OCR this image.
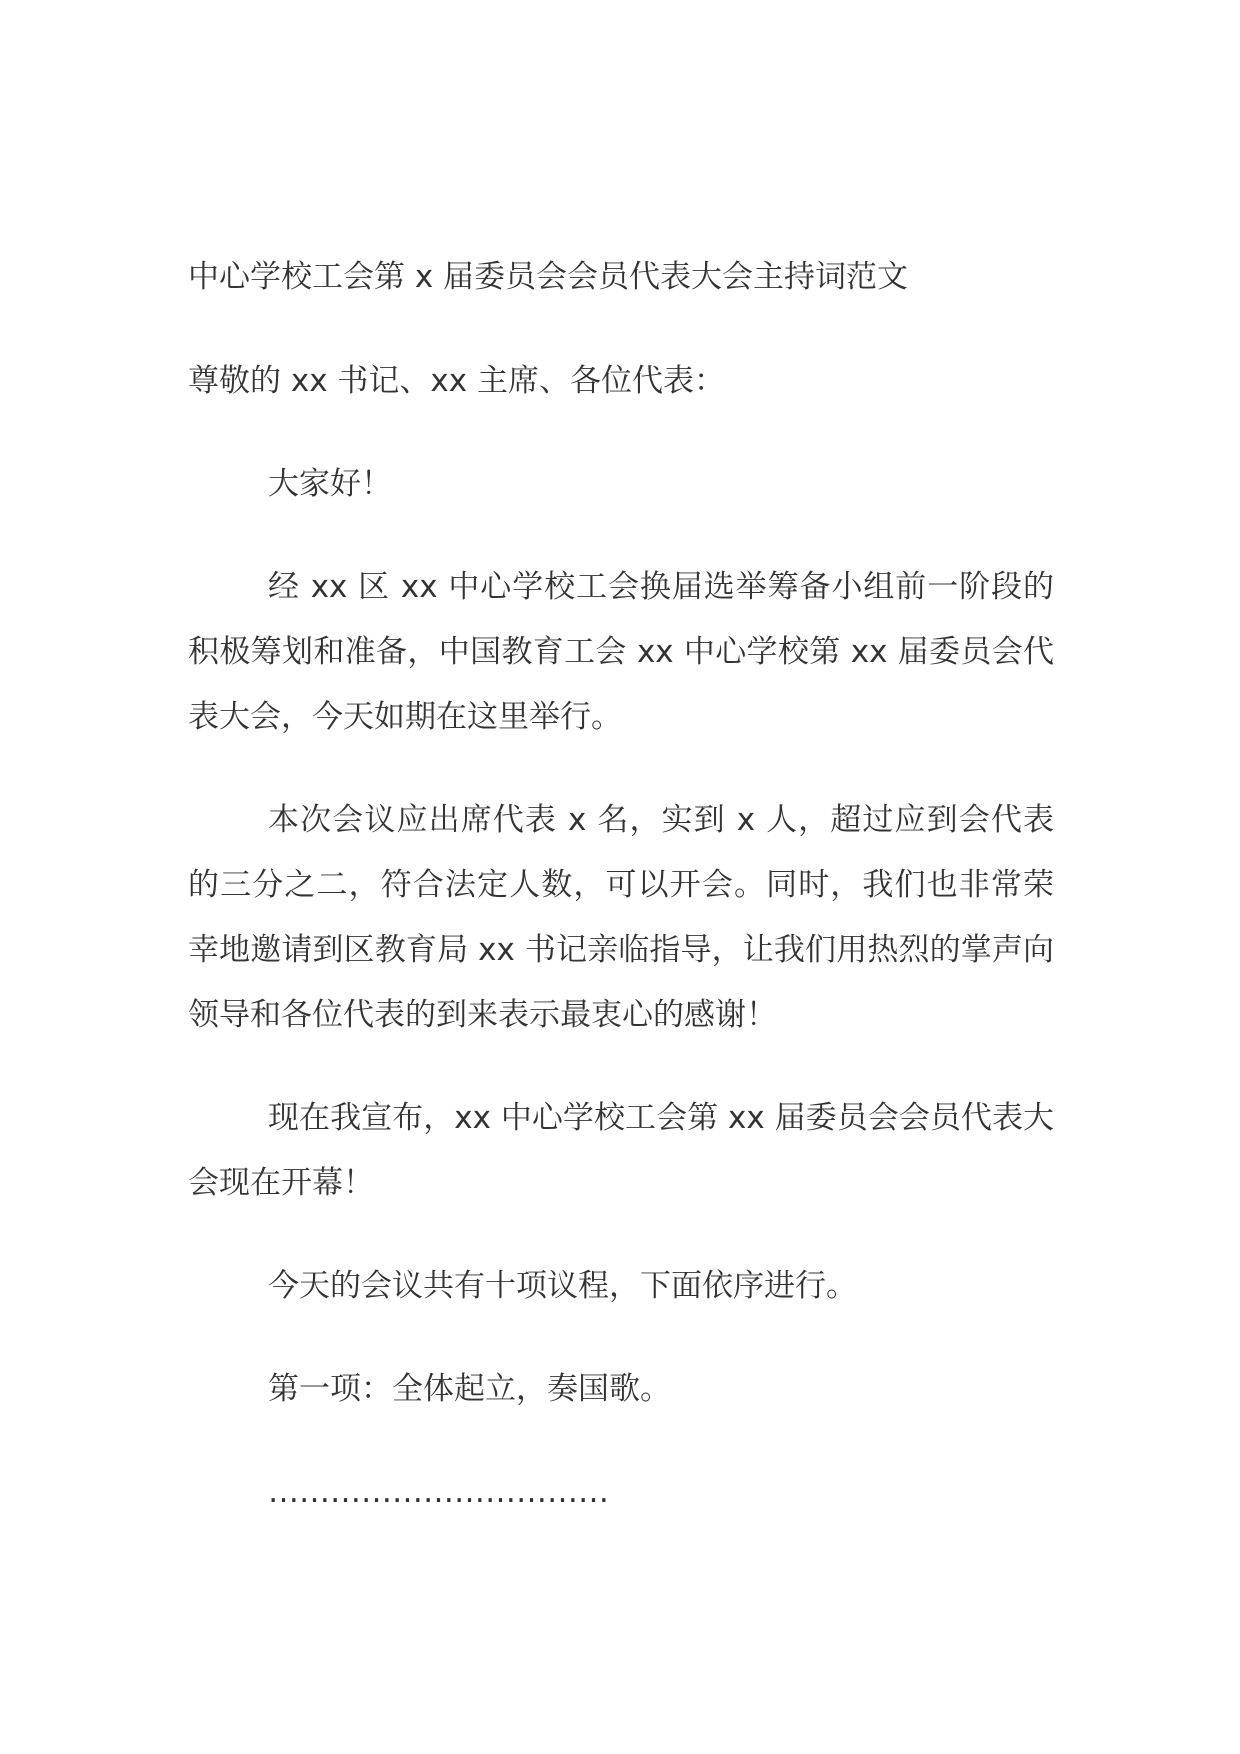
中心学校工会第 x 届委员会会员代表大会主持词范文

尊敬的 xx 书记、xx 主席、各位代表：

大家好！

经 xx 区 xx 中心学校工会换届选举筹备小组前一阶段的积极筹划和准备，中国教育工会 xx 中心学校第 xx 届委员会代表大会，今天如期在这里举行。

本次会议应出席代表 x 名，实到 x 人，超过应到会代表的三分之二，符合法定人数，可以开会。同时，我们也非常荣幸地邀请到区教育局 xx 书记亲临指导，让我们用热烈的掌声向领导和各位代表的到来表示最衷心的感谢！

现在我宣布，xx 中心学校工会第 xx 届委员会会员代表大会现在开幕！

今天的会议共有十项议程，下面依序进行。

第一项：全体起立，奏国歌。

……………………………
